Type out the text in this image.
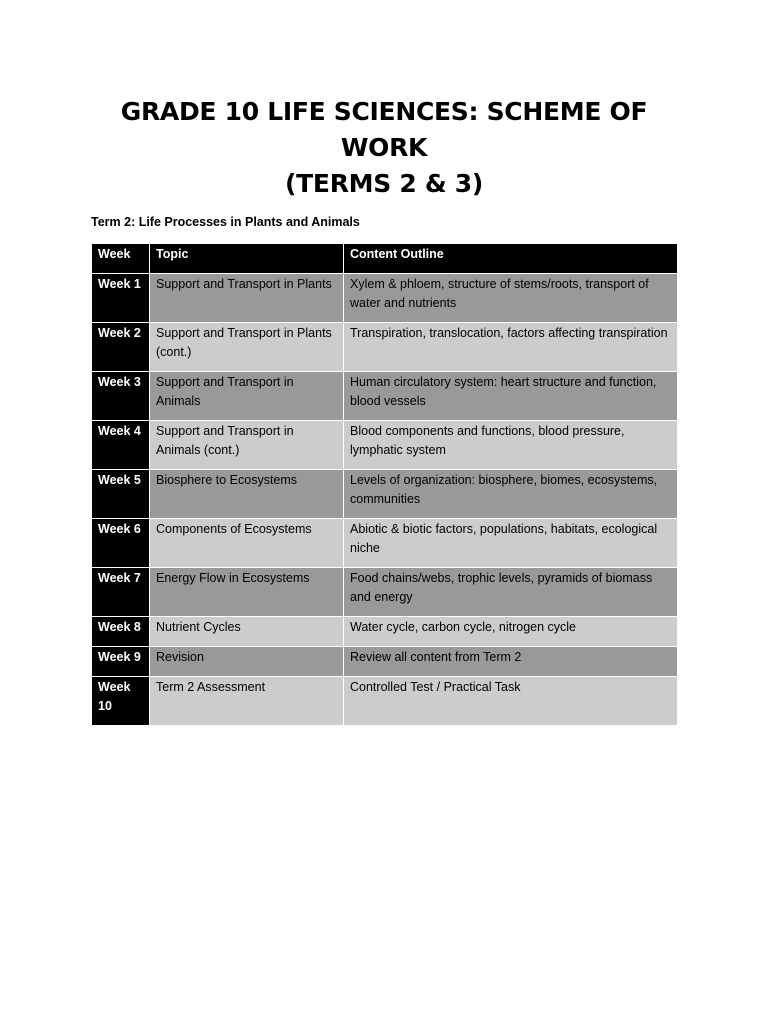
GRADE 10 LIFE SCIENCES: SCHEME OF WORK
(TERMS 2 & 3)
Term 2: Life Processes in Plants and Animals
Week	Topic	Content Outline
Week 1	Support and Transport in Plants	Xylem & phloem, structure of stems/roots, transport of water and nutrients
Week 2	Support and Transport in Plants (cont.)	Transpiration, translocation, factors affecting transpiration
Week 3	Support and Transport in Animals	Human circulatory system: heart structure and function, blood vessels
Week 4	Support and Transport in Animals (cont.)	Blood components and functions, blood pressure, lymphatic system
Week 5	Biosphere to Ecosystems	Levels of organization: biosphere, biomes, ecosystems, communities
Week 6	Components of Ecosystems	Abiotic & biotic factors, populations, habitats, ecological niche
Week 7	Energy Flow in Ecosystems	Food chains/webs, trophic levels, pyramids of biomass and energy
Week 8	Nutrient Cycles	Water cycle, carbon cycle, nitrogen cycle
Week 9	Revision	Review all content from Term 2
Week 10	Term 2 Assessment	Controlled Test / Practical Task
